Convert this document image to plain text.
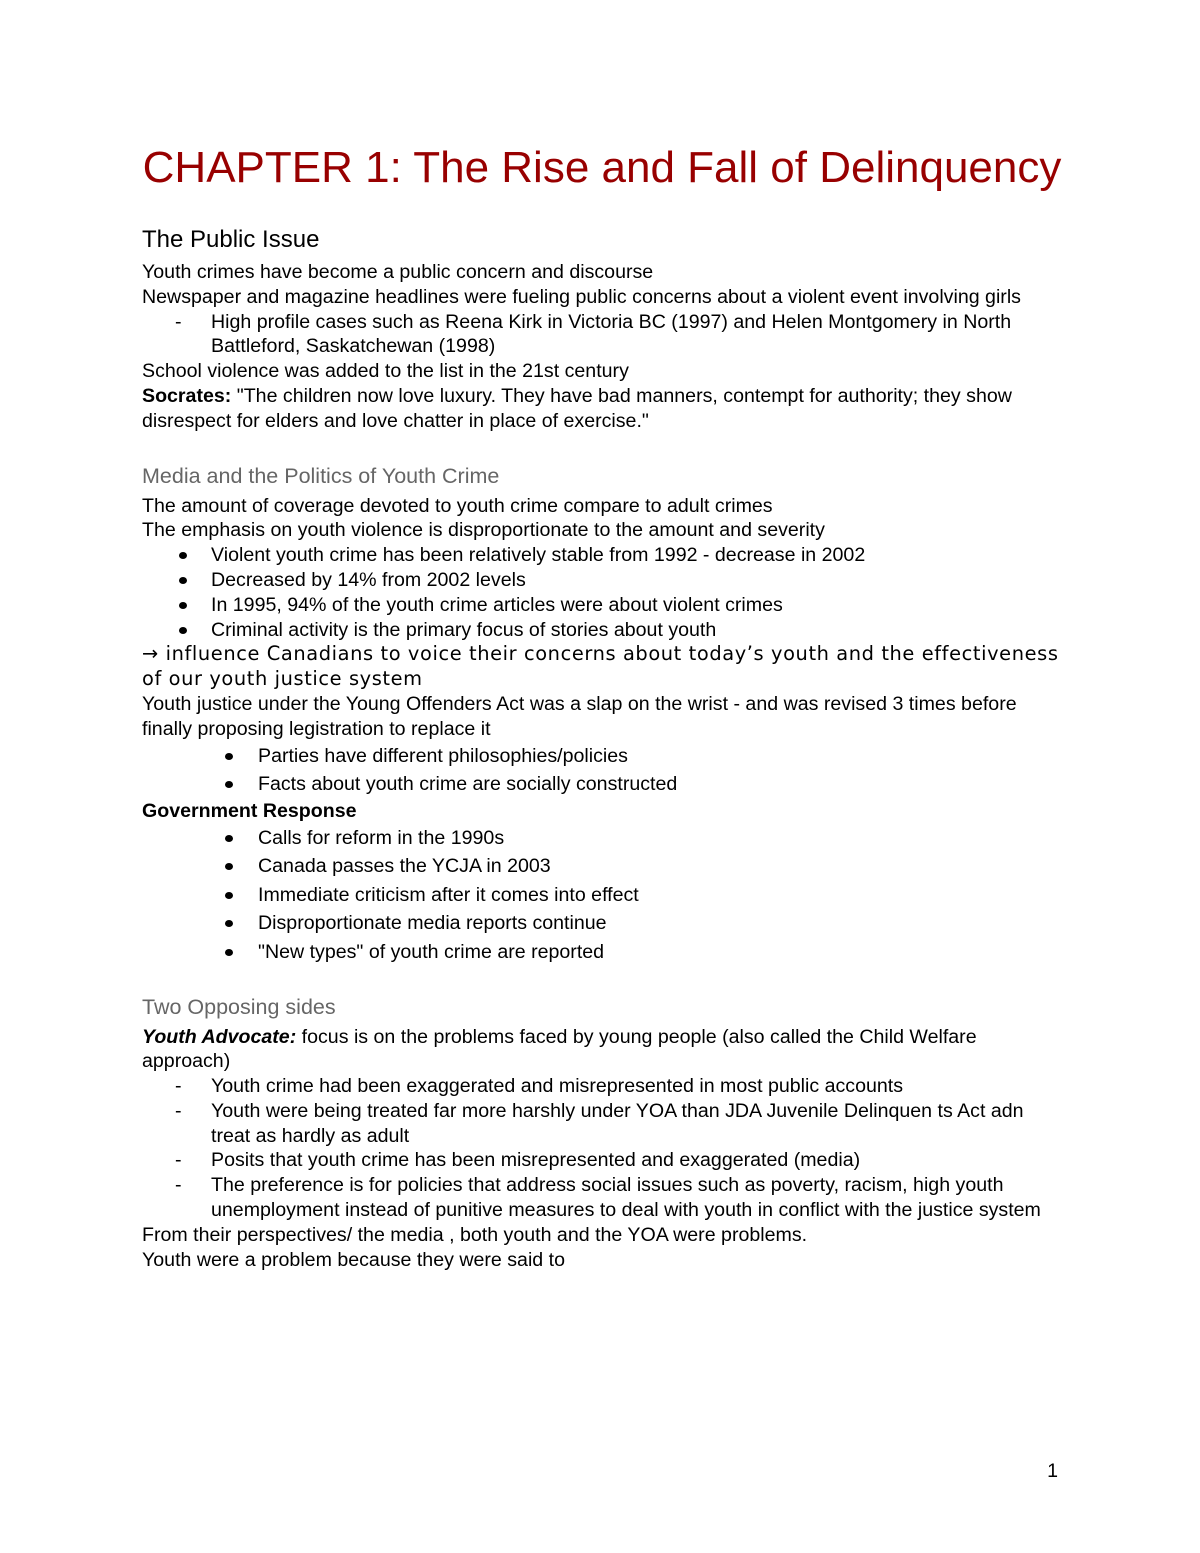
CHAPTER 1: The Rise and Fall of Delinquency
The Public Issue

Youth crimes have become a public concern and discourse

Newspaper and magazine headlines were fueling public concerns about a violent event involving girls

- High profile cases such as Reena Kirk in Victoria BC (1997) and Helen Montgomery in North Battleford, Saskatchewan (1998)

School violence was added to the list in the 21st century

Socrates: "The children now love luxury. They have bad manners, contempt for authority; they show disrespect for elders and love chatter in place of exercise."

Media and the Politics of Youth Crime

The amount of coverage devoted to youth crime compare to adult crimes

The emphasis on youth violence is disproportionate to the amount and severity

Violent youth crime has been relatively stable from 1992 - decrease in 2002
Decreased by 14% from 2002 levels
In 1995, 94% of the youth crime articles were about violent crimes
Criminal activity is the primary focus of stories about youth

→ influence Canadians to voice their concerns about today’s youth and the effectiveness of our youth justice system

Youth justice under the Young Offenders Act was a slap on the wrist - and was revised 3 times before finally proposing legistration to replace it

Parties have different philosophies/policies
Facts about youth crime are socially constructed

Government Response

Calls for reform in the 1990s
Canada passes the YCJA in 2003
Immediate criticism after it comes into effect
Disproportionate media reports continue
"New types" of youth crime are reported
Two Opposing sides

Youth Advocate: focus is on the problems faced by young people (also called the Child Welfare approach)

- Youth crime had been exaggerated and misrepresented in most public accounts
- Youth were being treated far more harshly under YOA than JDA Juvenile Delinquen ts Act adn treat as hardly as adult
- Posits that youth crime has been misrepresented and exaggerated (media)
- The preference is for policies that address social issues such as poverty, racism, high youth unemployment instead of punitive measures to deal with youth in conflict with the justice system

From their perspectives/ the media , both youth and the YOA were problems.

Youth were a problem because they were said to

1
